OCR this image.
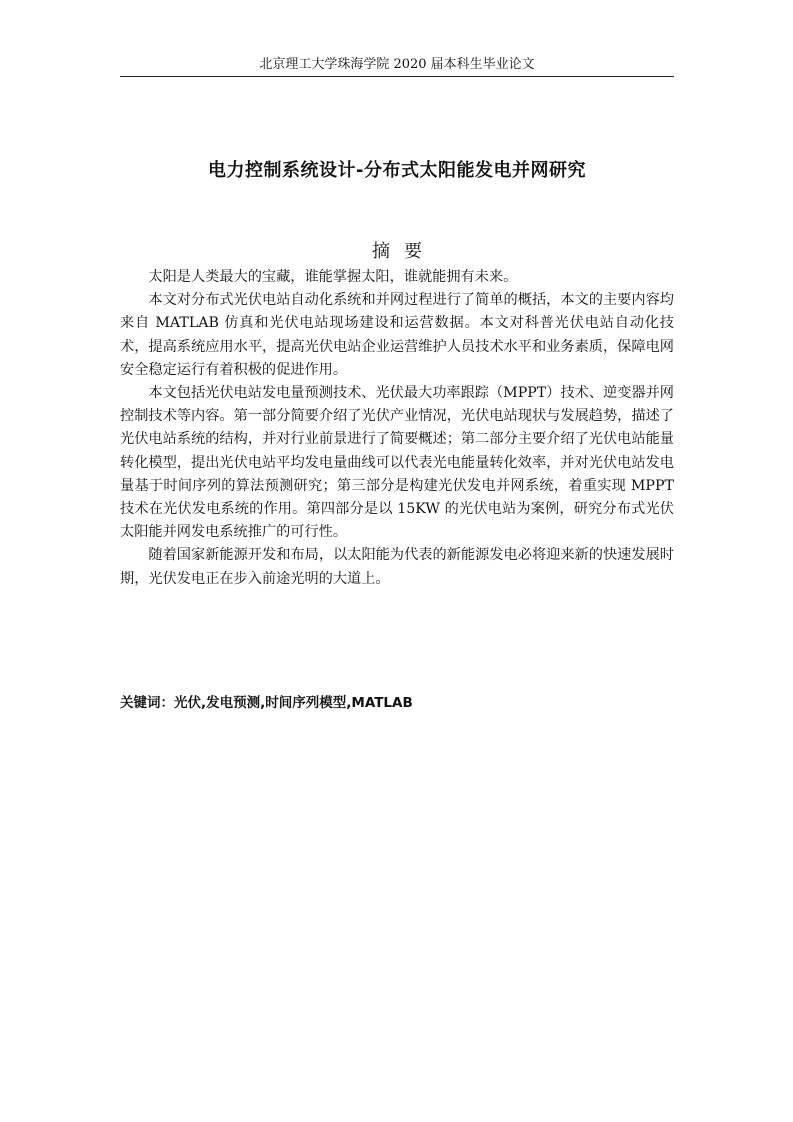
北京理工大学珠海学院 2020 届本科生毕业论文
电力控制系统设计-分布式太阳能发电并网研究
摘要

太阳是人类最大的宝藏，谁能掌握太阳，谁就能拥有未来。

本文对分布式光伏电站自动化系统和并网过程进行了简单的概括，本文的主要内容均来自 MATLAB 仿真和光伏电站现场建设和运营数据。本文对科普光伏电站自动化技术，提高系统应用水平，提高光伏电站企业运营维护人员技术水平和业务素质，保障电网安全稳定运行有着积极的促进作用。

本文包括光伏电站发电量预测技术、光伏最大功率跟踪（MPPT）技术、逆变器并网控制技术等内容。第一部分简要介绍了光伏产业情况，光伏电站现状与发展趋势，描述了光伏电站系统的结构，并对行业前景进行了简要概述；第二部分主要介绍了光伏电站能量转化模型，提出光伏电站平均发电量曲线可以代表光电能量转化效率，并对光伏电站发电量基于时间序列的算法预测研究；第三部分是构建光伏发电并网系统，着重实现 MPPT 技术在光伏发电系统的作用。第四部分是以 15KW 的光伏电站为案例，研究分布式光伏太阳能并网发电系统推广的可行性。

随着国家新能源开发和布局，以太阳能为代表的新能源发电必将迎来新的快速发展时期，光伏发电正在步入前途光明的大道上。

关键词：光伏,发电预测,时间序列模型,MATLAB
